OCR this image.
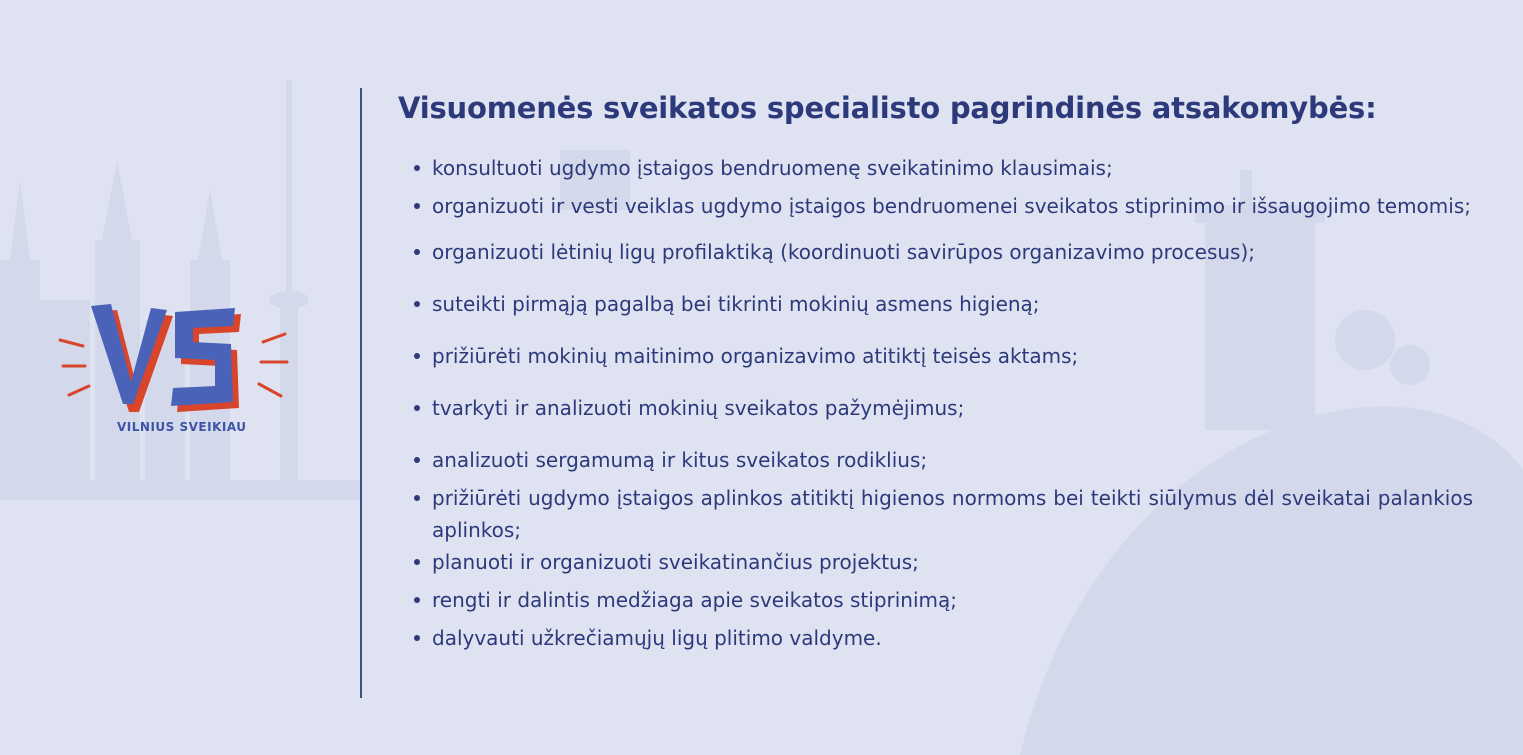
VILNIUS SVEIKIAU
Visuomenės sveikatos specialisto pagrindinės atsakomybės:
konsultuoti ugdymo įstaigos bendruomenę sveikatinimo klausimais;
organizuoti ir vesti veiklas ugdymo įstaigos bendruomenei sveikatos stiprinimo ir išsaugojimo temomis;
organizuoti lėtinių ligų profilaktiką (koordinuoti savirūpos organizavimo procesus);
suteikti pirmąją pagalbą bei tikrinti mokinių asmens higieną;
prižiūrėti mokinių maitinimo organizavimo atitiktį teisės aktams;
tvarkyti ir analizuoti mokinių sveikatos pažymėjimus;
analizuoti sergamumą ir kitus sveikatos rodiklius;
prižiūrėti ugdymo įstaigos aplinkos atitiktį higienos normoms bei teikti siūlymus dėl sveikatai palankios aplinkos;
planuoti ir organizuoti sveikatinančius projektus;
rengti ir dalintis medžiaga apie sveikatos stiprinimą;
dalyvauti užkrečiamųjų ligų plitimo valdyme.
